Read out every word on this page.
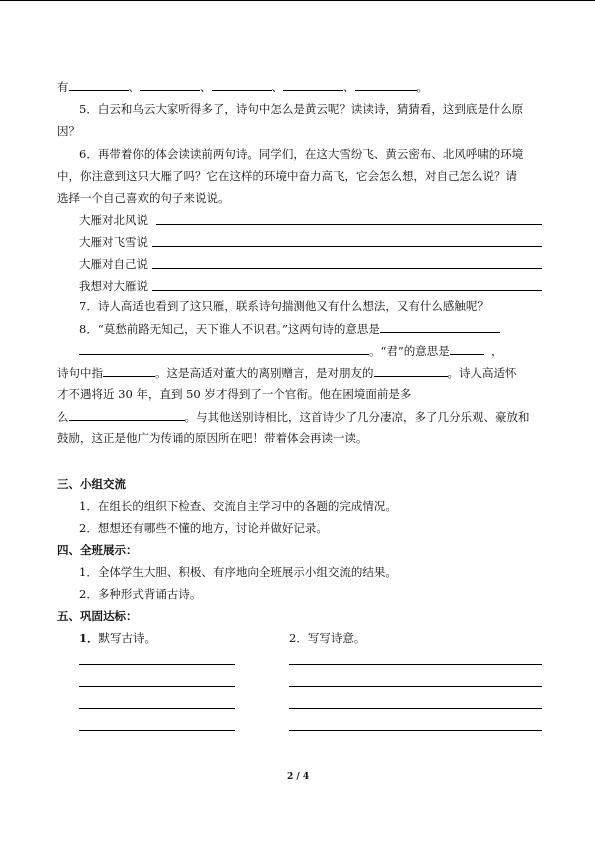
有	、	、	、	、	。
5．白云和乌云大家听得多了，诗句中怎么是黄云呢？读读诗，猜猜看，这到底是什么原
因？
6．再带着你的体会读读前两句诗。同学们，在这大雪纷飞、黄云密布、北风呼啸的环境
中，你注意到这只大雁了吗？它在这样的环境中奋力高飞，它会怎么想，对自己怎么说？请
选择一个自己喜欢的句子来说说。
大雁对北风说
大雁对飞雪说
大雁对自己说
我想对大雁说
7．诗人高适也看到了这只雁，联系诗句揣测他又有什么想法，又有什么感触呢？
8．“莫愁前路无知己，天下谁人不识君。”这两句诗的意思是
。“君”的意思是	，
诗句中指	。这是高适对董大的离别赠言，是对朋友的	。诗人高适怀
才不遇将近 30 年，直到 50 岁才得到了一个官衔。他在困境面前是多
么	。与其他送别诗相比，这首诗少了几分凄凉，多了几分乐观、豪放和
鼓励，这正是他广为传诵的原因所在吧！带着体会再读一读。
三、小组交流
1．在组长的组织下检查、交流自主学习中的各题的完成情况。
2．想想还有哪些不懂的地方，讨论并做好记录。
四、全班展示：
1．全体学生大胆、积极、有序地向全班展示小组交流的结果。
2．多种形式背诵古诗。
五、巩固达标：
1．默写古诗。	2．写写诗意。
2 / 4
